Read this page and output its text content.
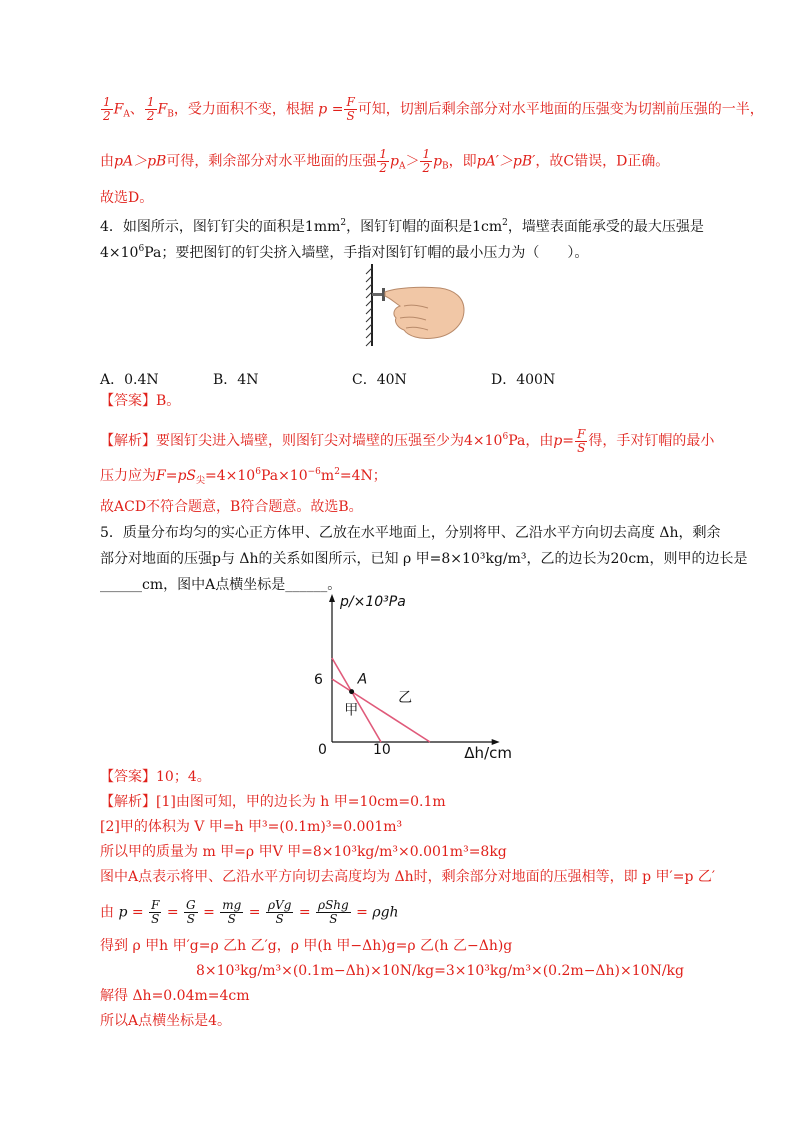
$\frac{1}{2} F_A$、 $\frac{1}{2} F_B$，受力面积不变，根据 $p = \frac{F}{S}$ 可知，切割后剩余部分对水平地面的压强变为切割前压强的一半，
由pA＞pB可得，剩余部分对水平地面的压强 $\frac{1}{2} p_A> \frac{1}{2} p_B$，即pA′＞pB′，故C错误，D正确。
故选D。
4．如图所示，图钉钉尖的面积是$1mm^2$，图钉钉帽的面积是$1cm^2$，墙壁表面能承受的最大压强是
$4\times 10^6Pa$；要把图钉的钉尖挤入墙壁，手指对图钉钉帽的最小压力为（　　）。
A．0.4N	B．4N	C．40N	D．400N
【答案】B。
【解析】要图钉尖进入墙壁，则图钉尖对墙壁的压强至少为$4\times 10^6Pa$，由$p= \frac{F}{S}$ 得，手对钉帽的最小
压力应为$F=pS_尖=4\times 10^6Pa\times 10^{-6}m^2=4N$；
故ACD不符合题意，B符合题意。故选B。
5．质量分布均匀的实心正方体甲、乙放在水平地面上，分别将甲、乙沿水平方向切去高度 Δh，剩余
部分对地面的压强p与 Δh的关系如图所示，已知 ρ 甲=8×10³kg/m³，乙的边长为20cm，则甲的边长是
______cm，图中A点横坐标是______。
p/×10³Pa
Δh/cm
0	10
6
甲
乙
A
【答案】10；4。
【解析】[1]由图可知，甲的边长为 h 甲=10cm=0.1m
[2]甲的体积为 V 甲=h 甲³=(0.1m)³=0.001m³
所以甲的质量为 m 甲=ρ 甲V 甲=8×10³kg/m³×0.001m³=8kg
图中A点表示将甲、乙沿水平方向切去高度均为 Δh时，剩余部分对地面的压强相等，即 p 甲′=p 乙′
由 $p = \frac{F}{S} = \frac{G}{S} = \frac{mg}{S} = \frac{\text{ρVg}}{S} = \frac{\text{ρShg}}{S} = \rho gh$
得到 ρ 甲h 甲′g=ρ 乙h 乙′g，ρ 甲(h 甲−Δh)g=ρ 乙(h 乙−Δh)g
8×10³kg/m³×(0.1m−Δh)×10N/kg=3×10³kg/m³×(0.2m−Δh)×10N/kg
解得 Δh=0.04m=4cm
所以A点横坐标是4。
